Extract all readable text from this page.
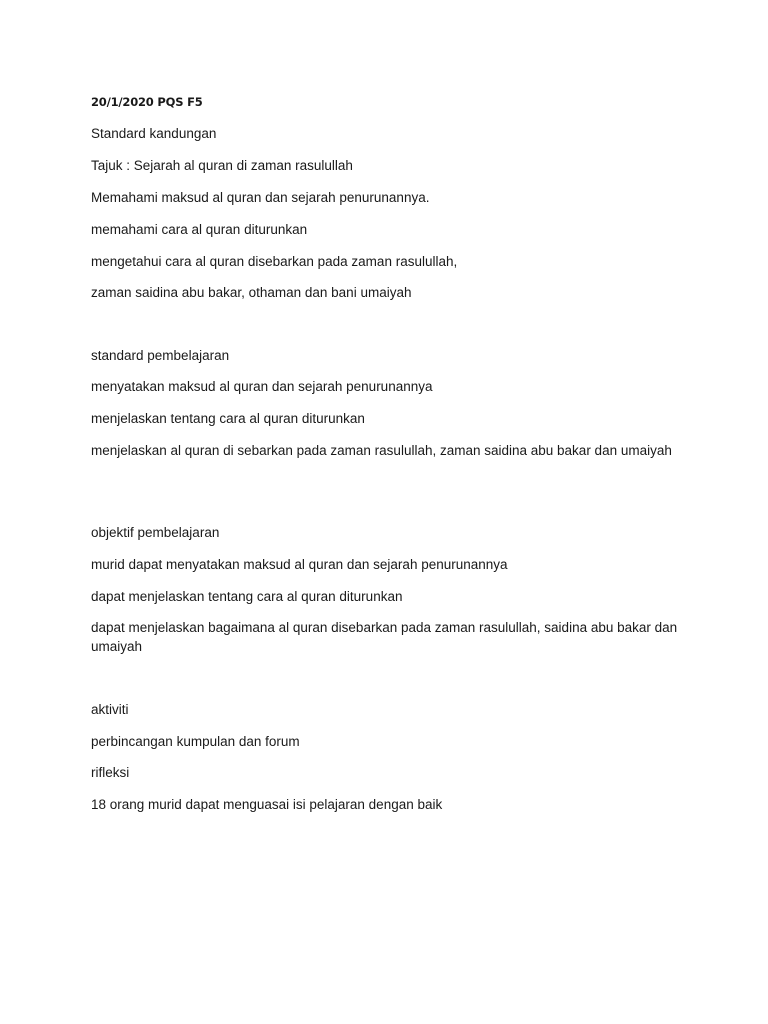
20/1/2020 PQS F5
Standard kandungan
Tajuk : Sejarah al quran di zaman rasulullah
Memahami maksud al quran dan sejarah penurunannya.
memahami cara al quran diturunkan
mengetahui cara al quran disebarkan pada zaman rasulullah,
zaman saidina abu bakar, othaman dan bani umaiyah
standard pembelajaran
menyatakan maksud al quran dan sejarah penurunannya
menjelaskan tentang cara al quran diturunkan
menjelaskan al quran di sebarkan pada zaman rasulullah, zaman saidina abu bakar dan umaiyah
objektif pembelajaran
murid dapat menyatakan maksud al quran dan sejarah penurunannya
dapat menjelaskan tentang cara al quran diturunkan
dapat menjelaskan bagaimana al quran disebarkan pada zaman rasulullah, saidina abu bakar dan umaiyah
aktiviti
perbincangan kumpulan dan forum
rifleksi
18 orang murid dapat menguasai isi pelajaran dengan baik
